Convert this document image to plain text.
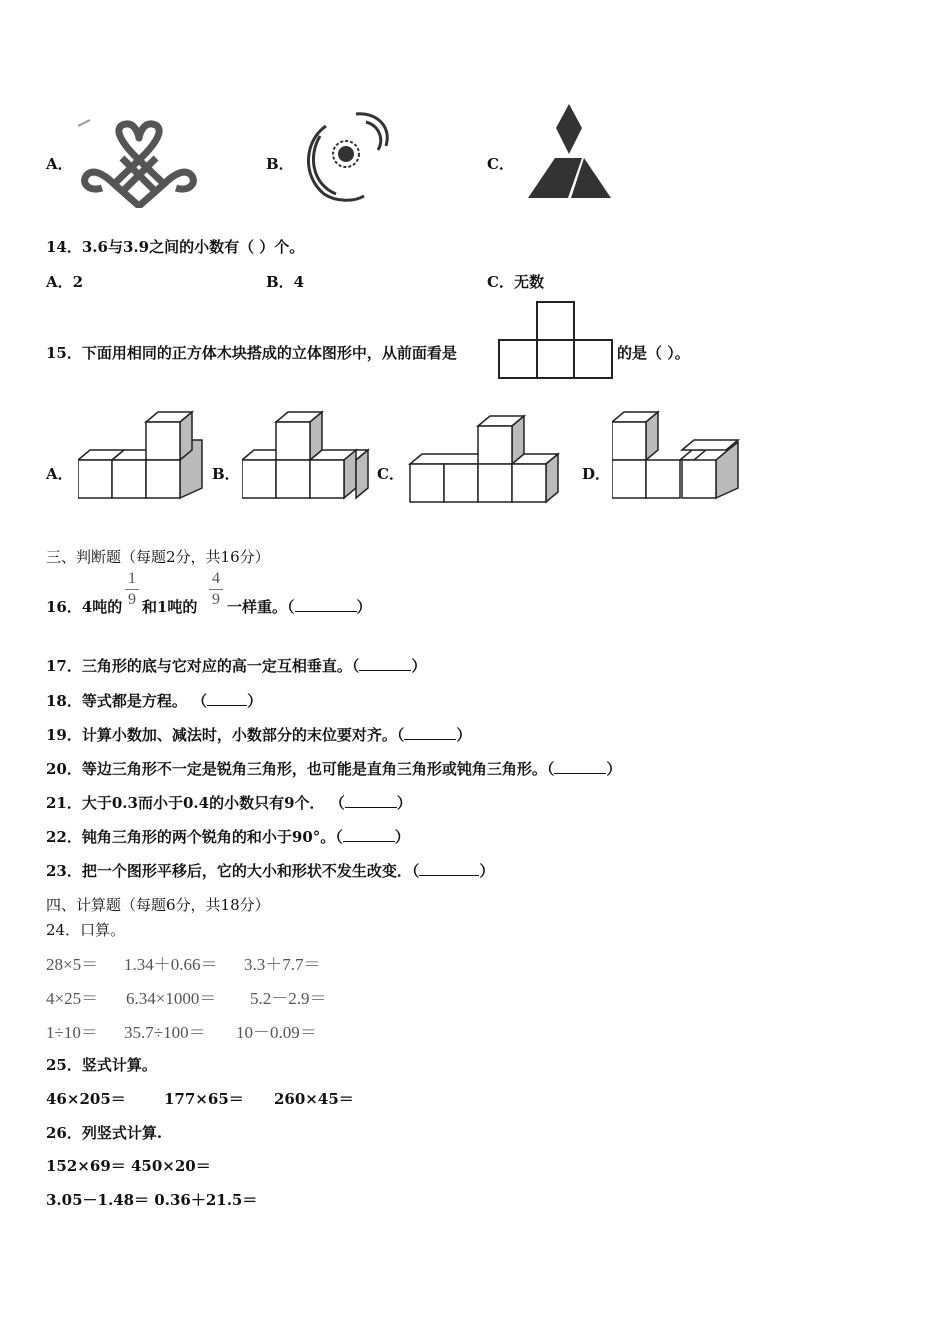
A．	B．	C．
14．3.6与3.9之间的小数有（ ）个。
A．2	B．4	C．无数
15．下面用相同的正方体木块搭成的立体图形中，从前面看是	的是（ ）。
A．	B．	C．	D．
三、判断题（每题2分，共16分）
16．4吨的
1
9 和1吨的
4
9 一样重。（	）
17．三角形的底与它对应的高一定互相垂直。（	）
18．等式都是方程。 （	）
19．计算小数加、减法时，小数部分的末位要对齐。（	）
20．等边三角形不一定是锐角三角形，也可能是直角三角形或钝角三角形。（	）
21．大于0.3而小于0.4的小数只有9个． （	）
22．钝角三角形的两个锐角的和小于90°。（	）
23．把一个图形平移后，它的大小和形状不发生改变．（	）
四、计算题（每题6分，共18分）
24．口算。
28×5＝ 1.34＋0.66＝ 3.3＋7.7＝
4×25＝ 6.34×1000＝ 5.2－2.9＝
1÷10＝ 35.7÷100＝ 10－0.09＝
25．竖式计算。
46×205＝	177×65＝ 260×45＝
26．列竖式计算.
152×69＝ 450×20＝
3.05－1.48＝ 0.36＋21.5＝
